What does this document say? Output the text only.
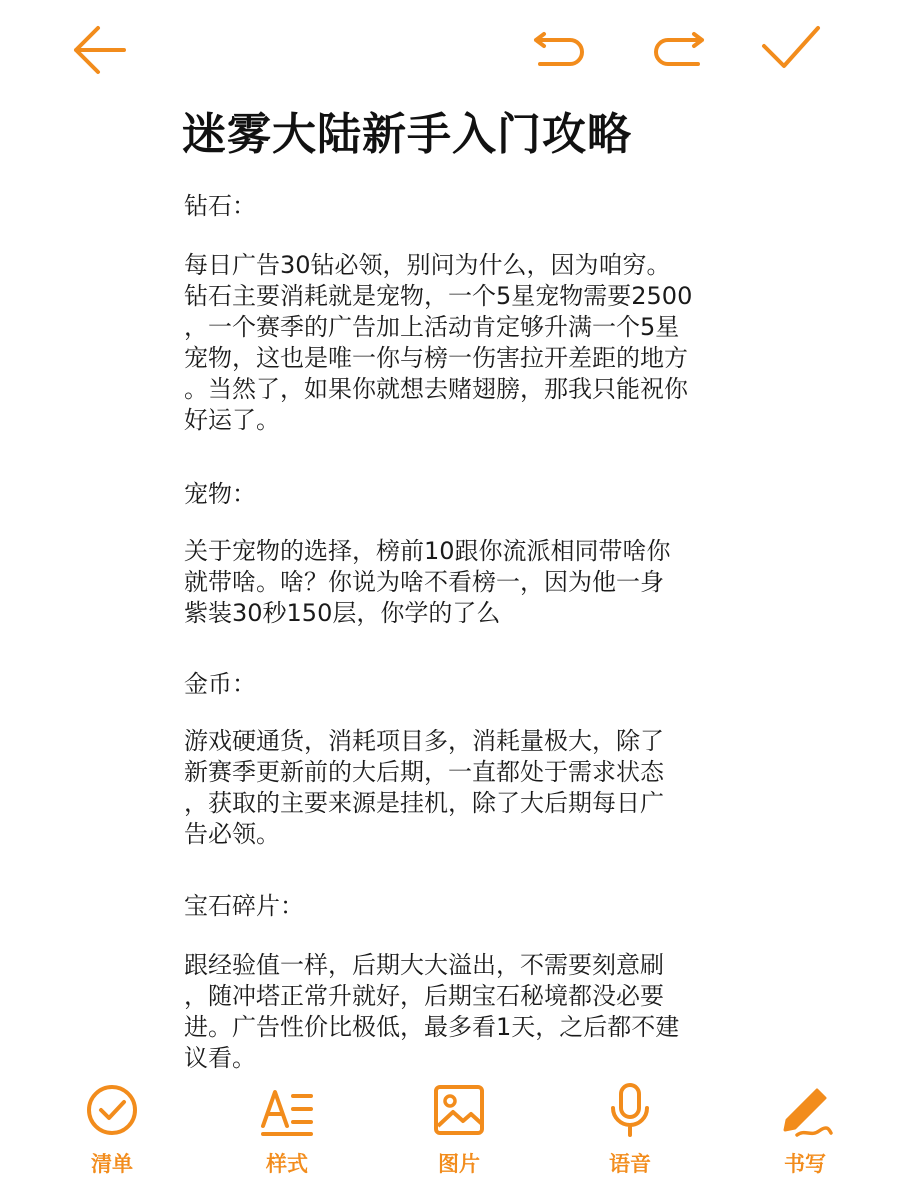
迷雾大陆新手入门攻略

钻石：

每日广告30钻必领，别问为什么，因为咱穷。
钻石主要消耗就是宠物，一个5星宠物需要2500
，一个赛季的广告加上活动肯定够升满一个5星
宠物，这也是唯一你与榜一伤害拉开差距的地方
。当然了，如果你就想去赌翅膀，那我只能祝你
好运了。

宠物：

关于宠物的选择，榜前10跟你流派相同带啥你
就带啥。啥？你说为啥不看榜一，因为他一身
紫装30秒150层，你学的了么

金币：

游戏硬通货，消耗项目多，消耗量极大，除了
新赛季更新前的大后期，一直都处于需求状态
，获取的主要来源是挂机，除了大后期每日广
告必领。

宝石碎片：

跟经验值一样，后期大大溢出，不需要刻意刷
，随冲塔正常升就好，后期宝石秘境都没必要
进。广告性价比极低，最多看1天，之后都不建
议看。

清单	样式	图片	语音	书写
